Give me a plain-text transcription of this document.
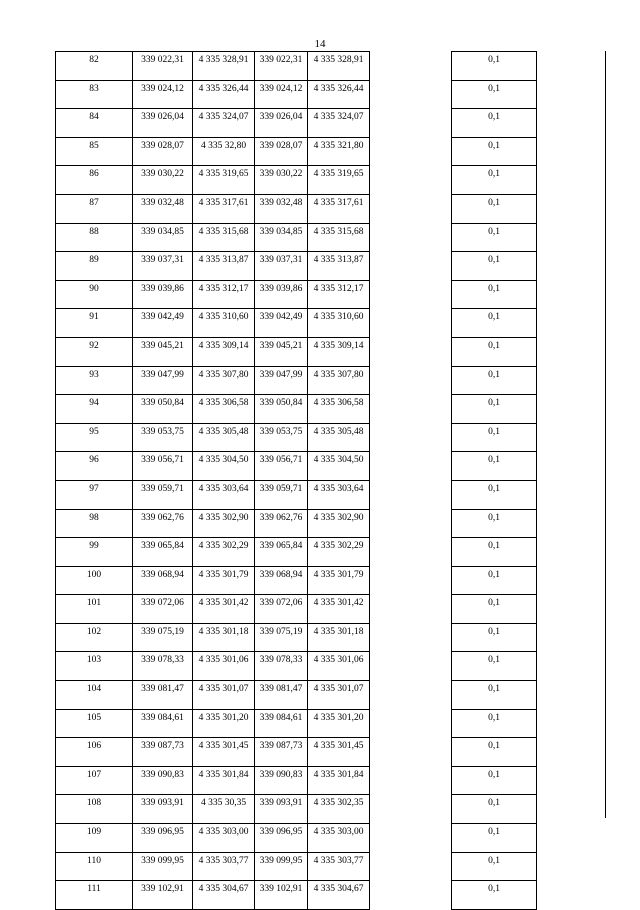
14
82	339 022,31	4 335 328,91	339 022,31	4 335 328,91		0,1
83	339 024,12	4 335 326,44	339 024,12	4 335 326,44		0,1
84	339 026,04	4 335 324,07	339 026,04	4 335 324,07		0,1
85	339 028,07	4 335 32,80	339 028,07	4 335 321,80		0,1
86	339 030,22	4 335 319,65	339 030,22	4 335 319,65		0,1
87	339 032,48	4 335 317,61	339 032,48	4 335 317,61		0,1
88	339 034,85	4 335 315,68	339 034,85	4 335 315,68		0,1
89	339 037,31	4 335 313,87	339 037,31	4 335 313,87		0,1
90	339 039,86	4 335 312,17	339 039,86	4 335 312,17		0,1
91	339 042,49	4 335 310,60	339 042,49	4 335 310,60		0,1
92	339 045,21	4 335 309,14	339 045,21	4 335 309,14		0,1
93	339 047,99	4 335 307,80	339 047,99	4 335 307,80		0,1
94	339 050,84	4 335 306,58	339 050,84	4 335 306,58		0,1
95	339 053,75	4 335 305,48	339 053,75	4 335 305,48		0,1
96	339 056,71	4 335 304,50	339 056,71	4 335 304,50		0,1
97	339 059,71	4 335 303,64	339 059,71	4 335 303,64		0,1
98	339 062,76	4 335 302,90	339 062,76	4 335 302,90		0,1
99	339 065,84	4 335 302,29	339 065,84	4 335 302,29		0,1
100	339 068,94	4 335 301,79	339 068,94	4 335 301,79		0,1
101	339 072,06	4 335 301,42	339 072,06	4 335 301,42		0,1
102	339 075,19	4 335 301,18	339 075,19	4 335 301,18		0,1
103	339 078,33	4 335 301,06	339 078,33	4 335 301,06		0,1
104	339 081,47	4 335 301,07	339 081,47	4 335 301,07		0,1
105	339 084,61	4 335 301,20	339 084,61	4 335 301,20		0,1
106	339 087,73	4 335 301,45	339 087,73	4 335 301,45		0,1
107	339 090,83	4 335 301,84	339 090,83	4 335 301,84		0,1
108	339 093,91	4 335 30,35	339 093,91	4 335 302,35		0,1
109	339 096,95	4 335 303,00	339 096,95	4 335 303,00		0,1
110	339 099,95	4 335 303,77	339 099,95	4 335 303,77		0,1
111	339 102,91	4 335 304,67	339 102,91	4 335 304,67		0,1
